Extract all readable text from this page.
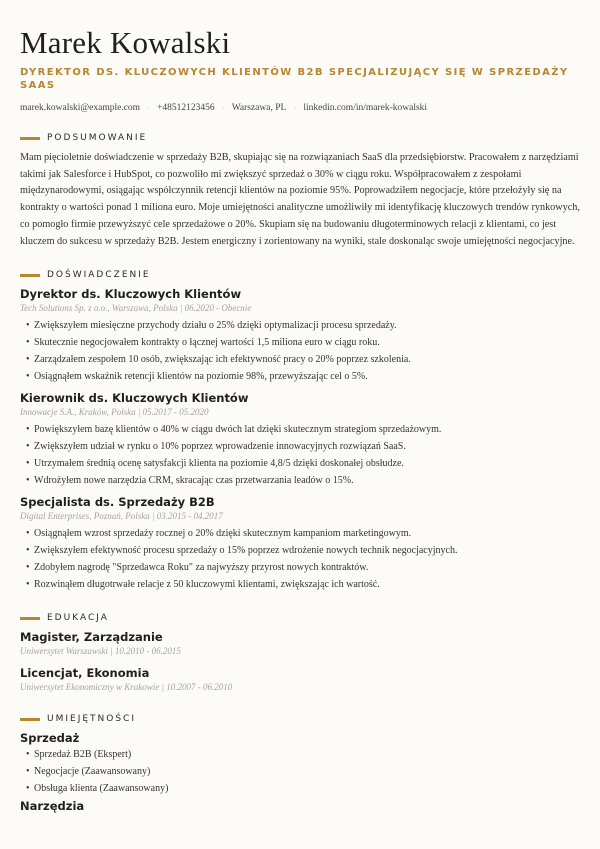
Marek Kowalski
DYREKTOR DS. KLUCZOWYCH KLIENTÓW B2B SPECJALIZUJĄCY SIĘ W SPRZEDAŻY SAAS
marek.kowalski@example.com · +48512123456 · Warszawa, PL · linkedin.com/in/marek-kowalski
PODSUMOWANIE

Mam pięcioletnie doświadczenie w sprzedaży B2B, skupiając się na rozwiązaniach SaaS dla przedsiębiorstw. Pracowałem z narzędziami takimi jak Salesforce i HubSpot, co pozwoliło mi zwiększyć sprzedaż o 30% w ciągu roku. Współpracowałem z zespołami międzynarodowymi, osiągając współczynnik retencji klientów na poziomie 95%. Poprowadziłem negocjacje, które przełożyły się na kontrakty o wartości ponad 1 miliona euro. Moje umiejętności analityczne umożliwiły mi identyfikację kluczowych trendów rynkowych, co pomogło firmie przewyższyć cele sprzedażowe o 20%. Skupiam się na budowaniu długoterminowych relacji z klientami, co jest kluczem do sukcesu w sprzedaży B2B. Jestem energiczny i zorientowany na wyniki, stale doskonaląc swoje umiejętności negocjacyjne.

DOŚWIADCZENIE
Dyrektor ds. Kluczowych Klientów
Tech Solutions Sp. z o.o., Warszawa, Polska | 06.2020 - Obecnie
• Zwiększyłem miesięczne przychody działu o 25% dzięki optymalizacji procesu sprzedaży.
• Skutecznie negocjowałem kontrakty o łącznej wartości 1,5 miliona euro w ciągu roku.
• Zarządzałem zespołem 10 osób, zwiększając ich efektywność pracy o 20% poprzez szkolenia.
• Osiągnąłem wskaźnik retencji klientów na poziomie 98%, przewyższając cel o 5%.
Kierownik ds. Kluczowych Klientów
Innowacje S.A., Kraków, Polska | 05.2017 - 05.2020
• Powiększyłem bazę klientów o 40% w ciągu dwóch lat dzięki skutecznym strategiom sprzedażowym.
• Zwiększyłem udział w rynku o 10% poprzez wprowadzenie innowacyjnych rozwiązań SaaS.
• Utrzymałem średnią ocenę satysfakcji klienta na poziomie 4,8/5 dzięki doskonałej obsłudze.
• Wdrożyłem nowe narzędzia CRM, skracając czas przetwarzania leadów o 15%.
Specjalista ds. Sprzedaży B2B
Digital Enterprises, Poznań, Polska | 03.2015 - 04.2017
• Osiągnąłem wzrost sprzedaży rocznej o 20% dzięki skutecznym kampaniom marketingowym.
• Zwiększyłem efektywność procesu sprzedaży o 15% poprzez wdrożenie nowych technik negocjacyjnych.
• Zdobyłem nagrodę "Sprzedawca Roku" za najwyższy przyrost nowych kontraktów.
• Rozwinąłem długotrwałe relacje z 50 kluczowymi klientami, zwiększając ich wartość.
EDUKACJA
Magister, Zarządzanie
Uniwersytet Warszawski | 10.2010 - 06.2015
Licencjat, Ekonomia
Uniwersytet Ekonomiczny w Krakowie | 10.2007 - 06.2010
UMIEJĘTNOŚCI
Sprzedaż
• Sprzedaż B2B (Ekspert)
• Negocjacje (Zaawansowany)
• Obsługa klienta (Zaawansowany)
Narzędzia
